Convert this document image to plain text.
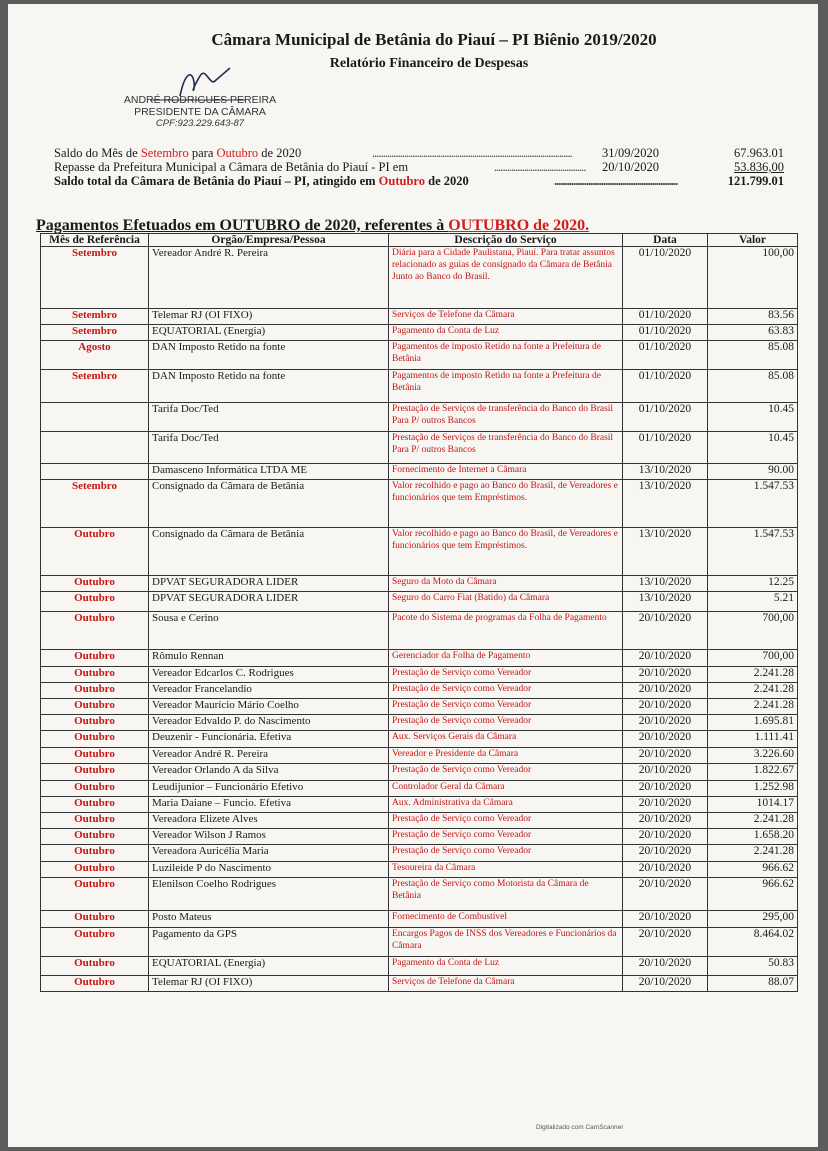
Câmara Municipal de Betânia do Piauí – PI Biênio 2019/2020
Relatório Financeiro de Despesas
ANDRÉ RODRIGUES PEREIRA
PRESIDENTE DA CÂMARA
CPF:923.229.643-87
Saldo do Mês de Setembro para Outubro de 2020	..............................................................................................	31/09/2020	67.963.01
Repasse da Prefeitura Municipal a Câmara de Betânia do Piauí - PI em	...........................................	20/10/2020	53.836,00
Saldo total da Câmara de Betânia do Piauí – PI, atingido em Outubro de 2020	..........................................................	121.799.01
Pagamentos Efetuados em OUTUBRO de 2020, referentes à OUTUBRO de 2020.
Mês de Referência	Órgão/Empresa/Pessoa	Descrição do Serviço	Data	Valor
Setembro	Vereador André R. Pereira	Diária para a Cidade Paulistana, Piauí. Para tratar assuntos relacionado as guias de consignado da Câmara de Betânia Junto ao Banco do Brasil.	01/10/2020	100,00
Setembro	Telemar RJ (OI FIXO)	Serviços de Telefone da Câmara	01/10/2020	83.56
Setembro	EQUATORIAL (Energia)	Pagamento da Conta de Luz	01/10/2020	63.83
Agosto	DAN Imposto Retido na fonte	Pagamentos de imposto Retido na fonte a Prefeitura de Betânia	01/10/2020	85.08
Setembro	DAN Imposto Retido na fonte	Pagamentos de imposto Retido na fonte a Prefeitura de Betânia	01/10/2020	85.08
	Tarifa Doc/Ted	Prestação de Serviços de transferência do Banco do Brasil Para P/ outros Bancos	01/10/2020	10.45
	Tarifa Doc/Ted	Prestação de Serviços de transferência do Banco do Brasil Para P/ outros Bancos	01/10/2020	10.45
	Damasceno Informática LTDA ME	Fornecimento de Internet a Câmara	13/10/2020	90.00
Setembro	Consignado da Câmara de Betânia	Valor recolhido e pago ao Banco do Brasil, de Vereadores e funcionários que tem Empréstimos.	13/10/2020	1.547.53
Outubro	Consignado da Câmara de Betânia	Valor recolhido e pago ao Banco do Brasil, de Vereadores e funcionários que tem Empréstimos.	13/10/2020	1.547.53
Outubro	DPVAT SEGURADORA LIDER	Seguro da Moto da Câmara	13/10/2020	12.25
Outubro	DPVAT SEGURADORA LIDER	Seguro do Carro Fiat (Batido) da Câmara	13/10/2020	5.21
Outubro	Sousa e Cerino	Pacote do Sistema de programas da Folha de Pagamento	20/10/2020	700,00
Outubro	Rômulo Rennan	Gerenciador da Folha de Pagamento	20/10/2020	700,00
Outubro	Vereador Edcarlos C. Rodrigues	Prestação de Serviço como Vereador	20/10/2020	2.241.28
Outubro	Vereador Francelandio	Prestação de Serviço como Vereador	20/10/2020	2.241.28
Outubro	Vereador Maurício Mário Coelho	Prestação de Serviço como Vereador	20/10/2020	2.241.28
Outubro	Vereador Edvaldo P. do Nascimento	Prestação de Serviço como Vereador	20/10/2020	1.695.81
Outubro	Deuzenir - Funcionária. Efetiva	Aux. Serviços Gerais da Câmara	20/10/2020	1.111.41
Outubro	Vereador André R. Pereira	Vereador e Presidente da Câmara	20/10/2020	3.226.60
Outubro	Vereador Orlando A da Silva	Prestação de Serviço como Vereador	20/10/2020	1.822.67
Outubro	Leudijunior – Funcionário Efetivo	Controlador Geral da Câmara	20/10/2020	1.252.98
Outubro	Maria Daiane – Funcio. Efetiva	Aux. Administrativa da Câmara	20/10/2020	1014.17
Outubro	Vereadora Elizete Alves	Prestação de Serviço como Vereador	20/10/2020	2.241.28
Outubro	Vereador Wilson J Ramos	Prestação de Serviço como Vereador	20/10/2020	1.658.20
Outubro	Vereadora Auricélia Maria	Prestação de Serviço como Vereador	20/10/2020	2.241.28
Outubro	Luzileide P do Nascimento	Tesoureira da Câmara	20/10/2020	966.62
Outubro	Elenilson Coelho Rodrigues	Prestação de Serviço como Motorista da Câmara de Betânia	20/10/2020	966.62
Outubro	Posto Mateus	Fornecimento de Combustível	20/10/2020	295,00
Outubro	Pagamento da GPS	Encargos Pagos de INSS dos Vereadores e Funcionários da Câmara	20/10/2020	8.464.02
Outubro	EQUATORIAL (Energia)	Pagamento da Conta de Luz	20/10/2020	50.83
Outubro	Telemar RJ (OI FIXO)	Serviços de Telefone da Câmara	20/10/2020	88.07
Digitalizado com CamScanner
